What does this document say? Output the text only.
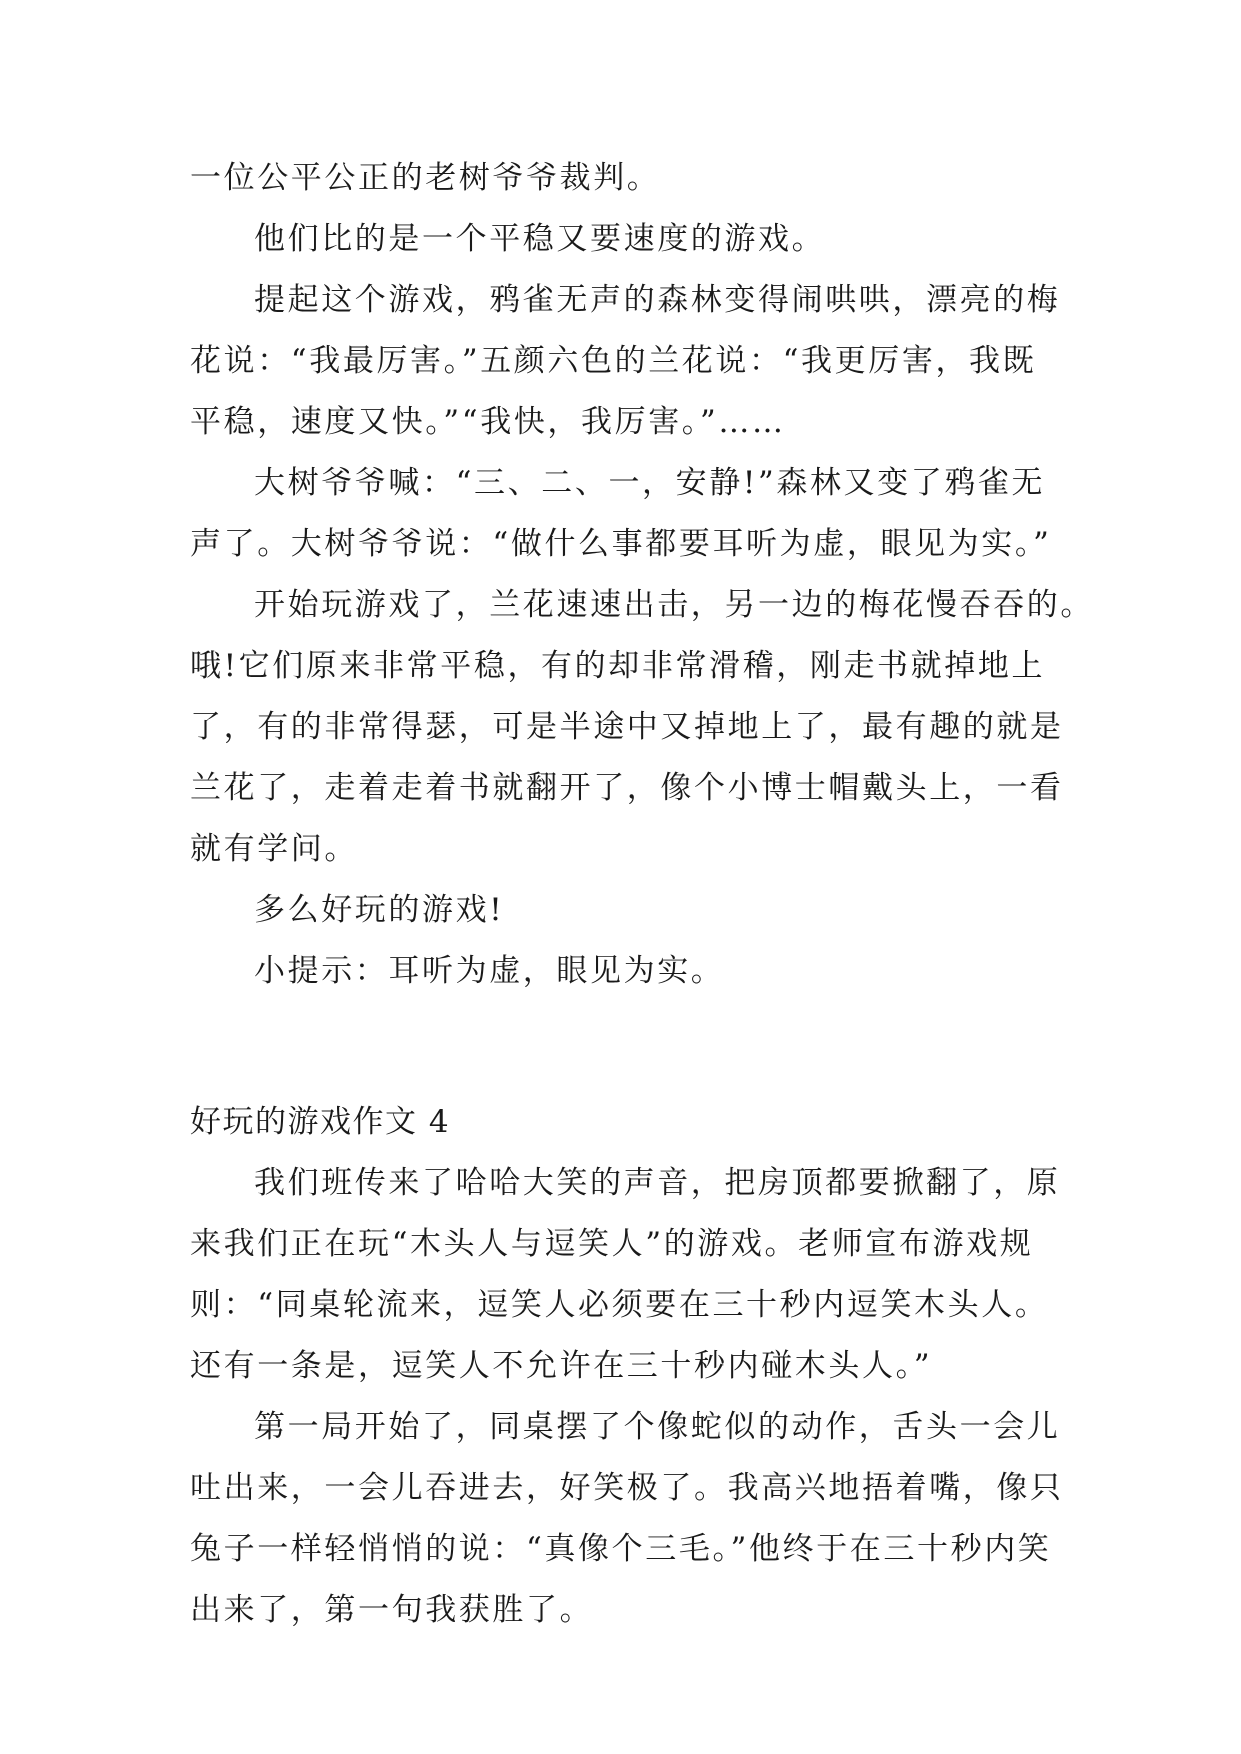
一位公平公正的老树爷爷裁判。
他们比的是一个平稳又要速度的游戏。
提起这个游戏，鸦雀无声的森林变得闹哄哄，漂亮的梅
花说：“我最厉害。”五颜六色的兰花说：“我更厉害，我既
平稳，速度又快。”“我快，我厉害。”……
大树爷爷喊：“三、二、一，安静!”森林又变了鸦雀无
声了。大树爷爷说：“做什么事都要耳听为虚，眼见为实。”
开始玩游戏了，兰花速速出击，另一边的梅花慢吞吞的。
哦!它们原来非常平稳，有的却非常滑稽，刚走书就掉地上
了，有的非常得瑟，可是半途中又掉地上了，最有趣的就是
兰花了，走着走着书就翻开了，像个小博士帽戴头上，一看
就有学问。
多么好玩的游戏!
小提示：耳听为虚，眼见为实。
好玩的游戏作文 4
我们班传来了哈哈大笑的声音，把房顶都要掀翻了，原
来我们正在玩“木头人与逗笑人”的游戏。老师宣布游戏规
则：“同桌轮流来，逗笑人必须要在三十秒内逗笑木头人。
还有一条是，逗笑人不允许在三十秒内碰木头人。”
第一局开始了，同桌摆了个像蛇似的动作，舌头一会儿
吐出来，一会儿吞进去，好笑极了。我高兴地捂着嘴，像只
兔子一样轻悄悄的说：“真像个三毛。”他终于在三十秒内笑
出来了，第一句我获胜了。
